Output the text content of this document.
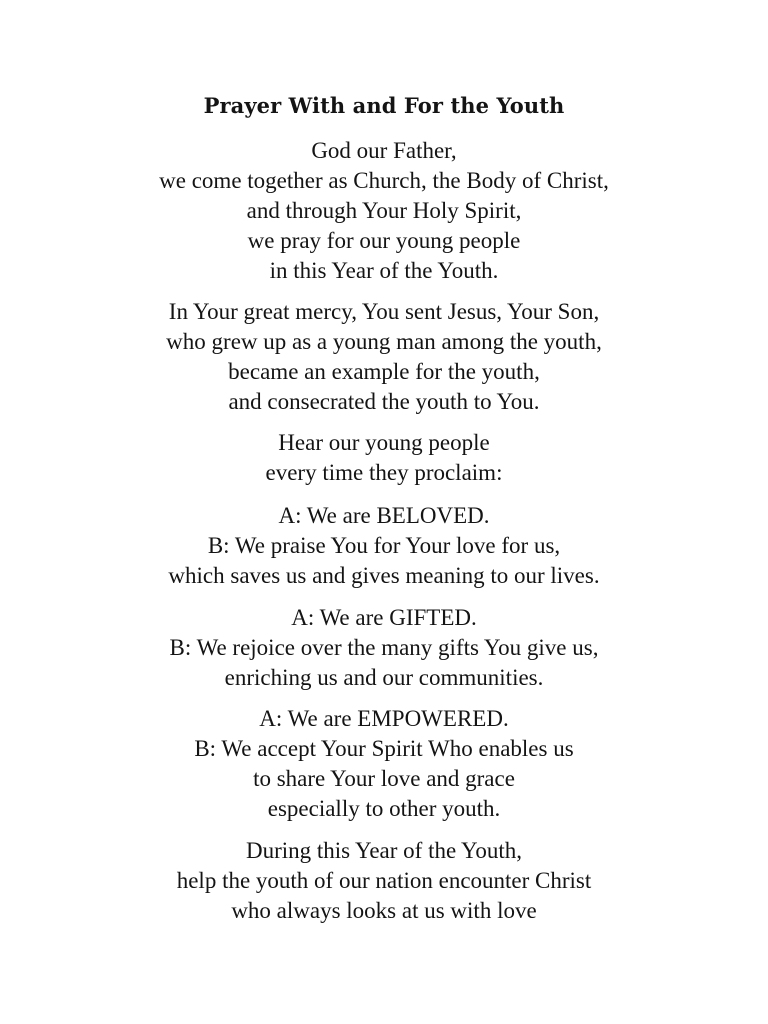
Prayer With and For the Youth
God our Father,
we come together as Church, the Body of Christ,
and through Your Holy Spirit,
we pray for our young people
in this Year of the Youth.
In Your great mercy, You sent Jesus, Your Son,
who grew up as a young man among the youth,
became an example for the youth,
and consecrated the youth to You.
Hear our young people
every time they proclaim:
A: We are BELOVED.
B: We praise You for Your love for us,
which saves us and gives meaning to our lives.
A: We are GIFTED.
B: We rejoice over the many gifts You give us,
enriching us and our communities.
A: We are EMPOWERED.
B: We accept Your Spirit Who enables us
to share Your love and grace
especially to other youth.
During this Year of the Youth,
help the youth of our nation encounter Christ
who always looks at us with love
